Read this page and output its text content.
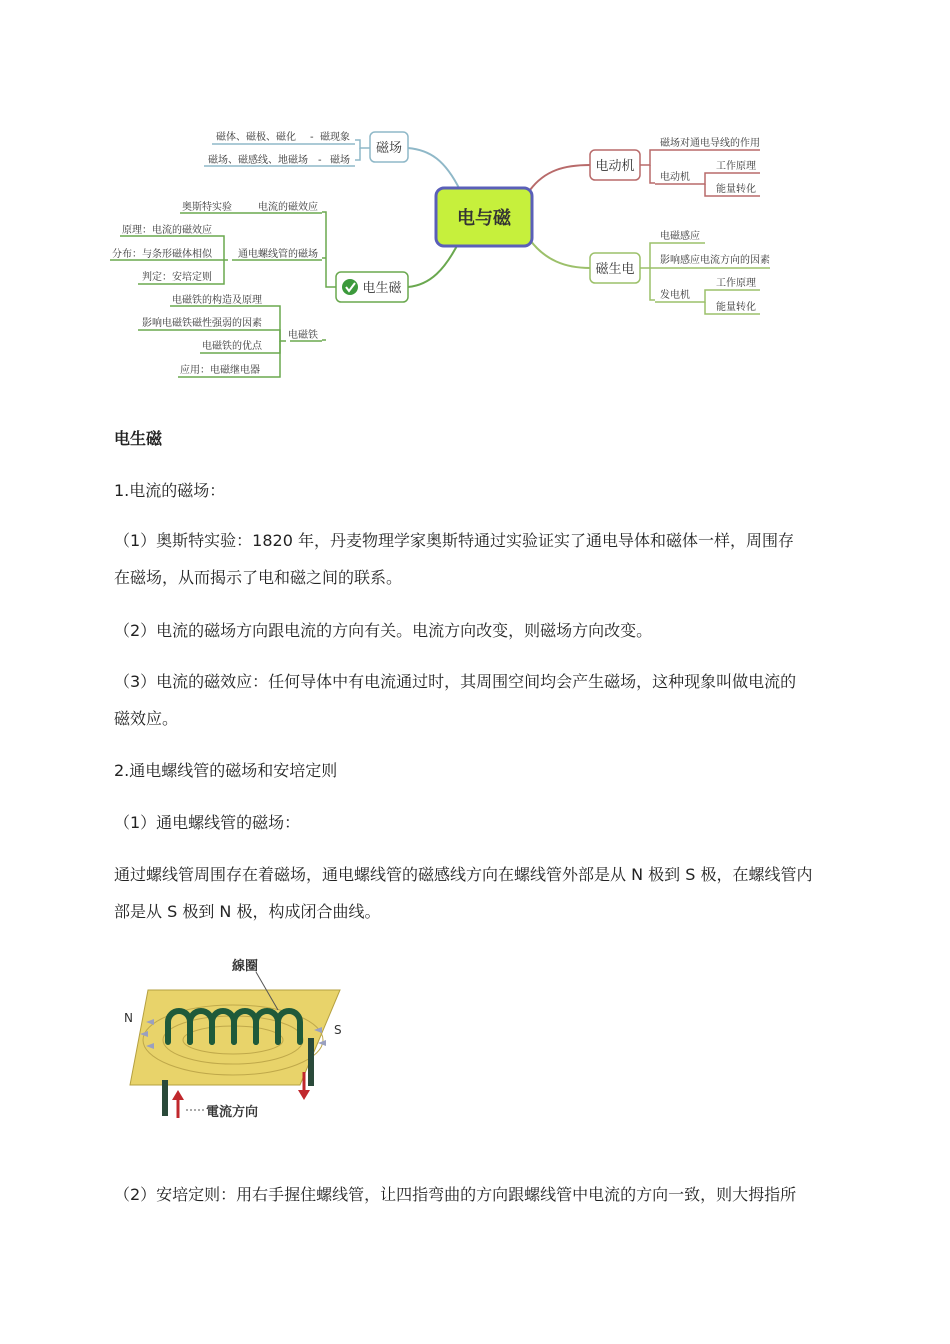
电与磁
磁场
电生磁
电动机
磁生电
磁体、磁极、磁化 磁现象
磁场、磁感线、地磁场 磁场
-
-
奥斯特实验	电流的磁效应
原理：电流的磁效应
分布：与条形磁体相似
判定：安培定则
通电螺线管的磁场
电磁铁的构造及原理
影响电磁铁磁性强弱的因素
电磁铁的优点
应用：电磁继电器
电磁铁
磁场对通电导线的作用
电动机
工作原理
能量转化
电磁感应
影响感应电流方向的因素
发电机
工作原理
能量转化
电生磁
1.电流的磁场：
（1）奥斯特实验：1820 年，丹麦物理学家奥斯特通过实验证实了通电导体和磁体一样，周围存
在磁场，从而揭示了电和磁之间的联系。
（2）电流的磁场方向跟电流的方向有关。电流方向改变，则磁场方向改变。
（3）电流的磁效应：任何导体中有电流通过时，其周围空间均会产生磁场，这种现象叫做电流的
磁效应。
2.通电螺线管的磁场和安培定则
（1）通电螺线管的磁场：
通过螺线管周围存在着磁场，通电螺线管的磁感线方向在螺线管外部是从 N 极到 S 极，在螺线管内
部是从 S 极到 N 极，构成闭合曲线。
（2）安培定则：用右手握住螺线管，让四指弯曲的方向跟螺线管中电流的方向一致，则大拇指所
線圈
N
S
電流方向
